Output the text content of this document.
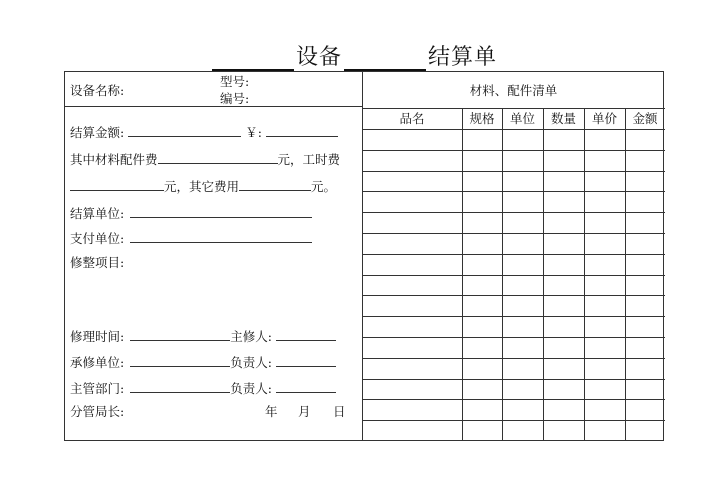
设备	结算单
设备名称:
型号:
编号:
材料、配件清单
结算金额:	￥:
其中材料配件费	元，工时费
元，其它费用	元。
结算单位:
支付单位:
修整项目:
修理时间:	主修人:
承修单位:	负责人:
主管部门:	负责人:
分管局长:	年 月 日
品名	规格	单位	数量	单价	金额
